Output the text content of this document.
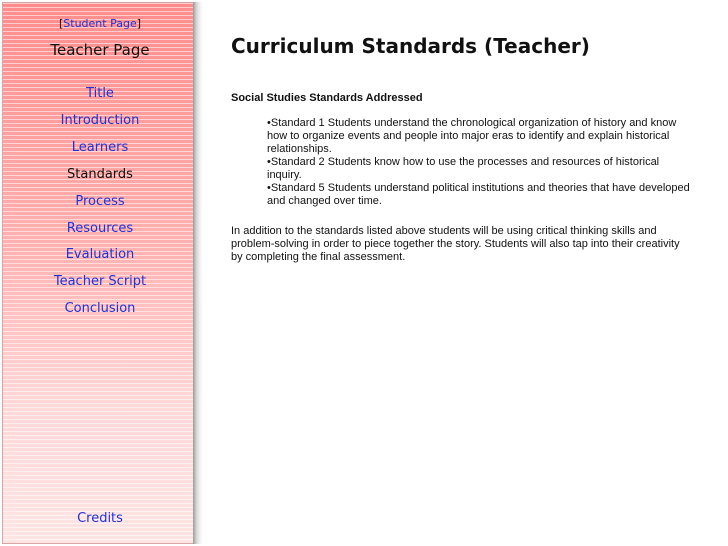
[Student Page]
Teacher Page
Title
Introduction
Learners
Standards
Process
Resources
Evaluation
Teacher Script
Conclusion
Credits
Curriculum Standards (Teacher)
Social Studies Standards Addressed
•Standard 1 Students understand the chronological organization of history and know how to organize events and people into major eras to identify and explain historical relationships.
•Standard 2 Students know how to use the processes and resources of historical inquiry.
•Standard 5 Students understand political institutions and theories that have developed and changed over time.

In addition to the standards listed above students will be using critical thinking skills and problem-solving in order to piece together the story. Students will also tap into their creativity by completing the final assessment.
